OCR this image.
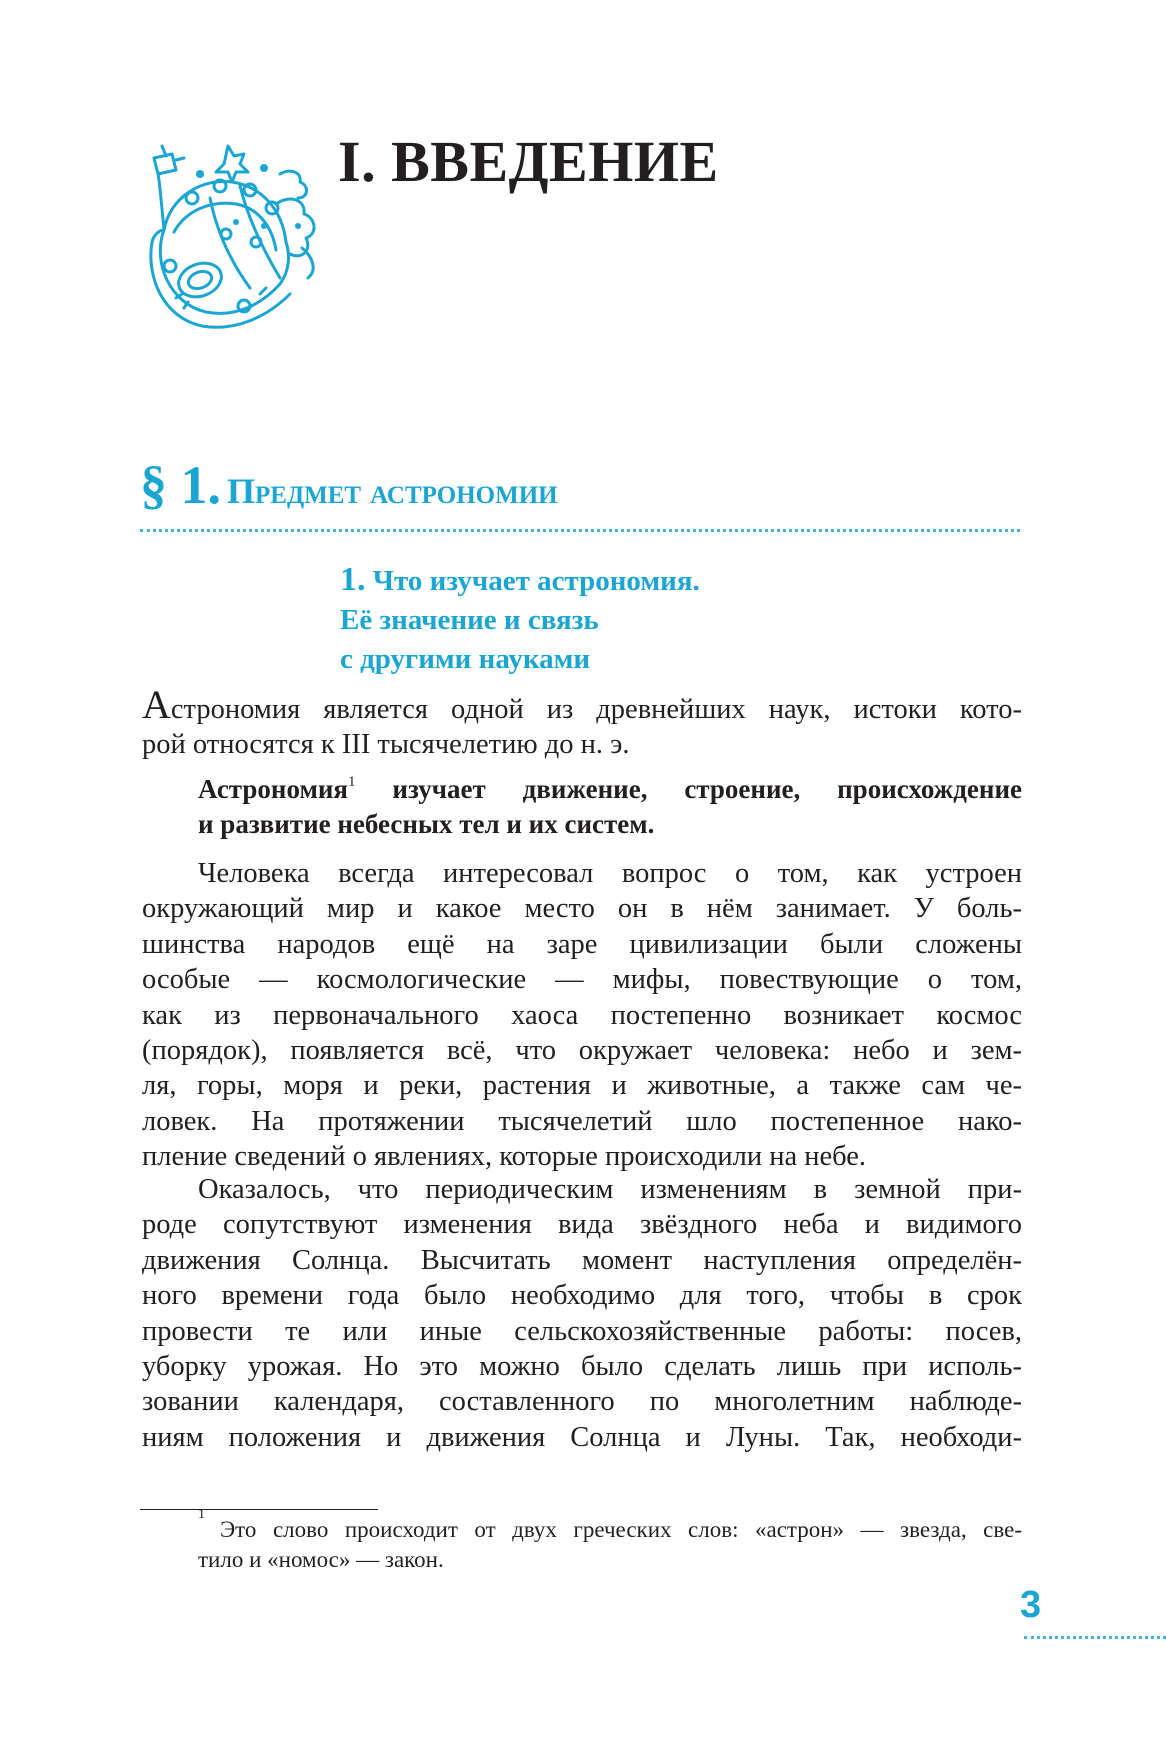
I. ВВЕДЕНИЕ
§ 1. Предмет астрономии
1. Что изучает астрономия.
Её значение и связь
с другими науками

Астрономия является одной из древнейших наук, истоки кото-

рой относятся к III тысячелетию до н. э.

Астрономия$^1$ изучает движение, строение, происхождение

и развитие небесных тел и их систем.

Человека всегда интересовал вопрос о том, как устроен

окружающий мир и какое место он в нём занимает. У боль-

шинства народов ещё на заре цивилизации были сложены

особые — космологические — мифы, повествующие о том,

как из первоначального хаоса постепенно возникает космос

(порядок), появляется всё, что окружает человека: небо и зем-

ля, горы, моря и реки, растения и животные, а также сам че-

ловек. На протяжении тысячелетий шло постепенное нако-

пление сведений о явлениях, которые происходили на небе.

Оказалось, что периодическим изменениям в земной при-

роде сопутствуют изменения вида звёздного неба и видимого

движения Солнца. Высчитать момент наступления определён-

ного времени года было необходимо для того, чтобы в срок

провести те или иные сельскохозяйственные работы: посев,

уборку урожая. Но это можно было сделать лишь при исполь-

зовании календаря, составленного по многолетним наблюде-

ниям положения и движения Солнца и Луны. Так, необходи-

1

Это слово происходит от двух греческих слов: «астрон» — звезда, све-

тило и «номос» — закон.

3
